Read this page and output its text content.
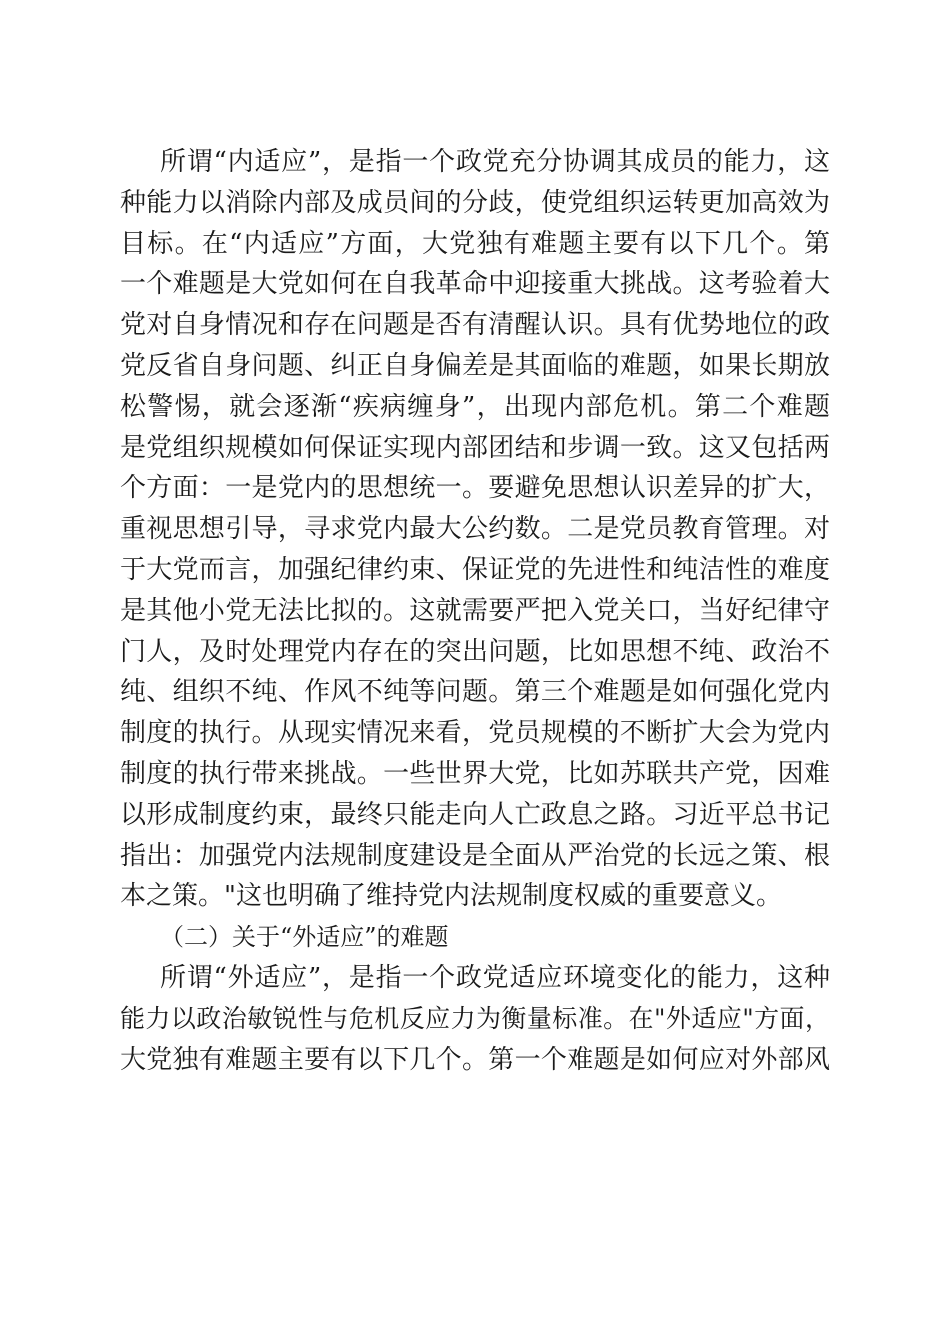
所谓“内适应”，是指一个政党充分协调其成员的能力，这
种能力以消除内部及成员间的分歧，使党组织运转更加高效为
目标。在“内适应”方面，大党独有难题主要有以下几个。第
一个难题是大党如何在自我革命中迎接重大挑战。这考验着大
党对自身情况和存在问题是否有清醒认识。具有优势地位的政
党反省自身问题、纠正自身偏差是其面临的难题，如果长期放
松警惕，就会逐渐“疾病缠身”，出现内部危机。第二个难题
是党组织规模如何保证实现内部团结和步调一致。这又包括两
个方面：一是党内的思想统一。要避免思想认识差异的扩大，
重视思想引导，寻求党内最大公约数。二是党员教育管理。对
于大党而言，加强纪律约束、保证党的先进性和纯洁性的难度
是其他小党无法比拟的。这就需要严把入党关口，当好纪律守
门人，及时处理党内存在的突出问题，比如思想不纯、政治不
纯、组织不纯、作风不纯等问题。第三个难题是如何强化党内
制度的执行。从现实情况来看，党员规模的不断扩大会为党内
制度的执行带来挑战。一些世界大党，比如苏联共产党，因难
以形成制度约束，最终只能走向人亡政息之路。习近平总书记
指出：加强党内法规制度建设是全面从严治党的长远之策、根
本之策。"这也明确了维持党内法规制度权威的重要意义。
（二）关于“外适应”的难题
所谓“外适应”，是指一个政党适应环境变化的能力，这种
能力以政治敏锐性与危机反应力为衡量标准。在"外适应"方面，
大党独有难题主要有以下几个。第一个难题是如何应对外部风
